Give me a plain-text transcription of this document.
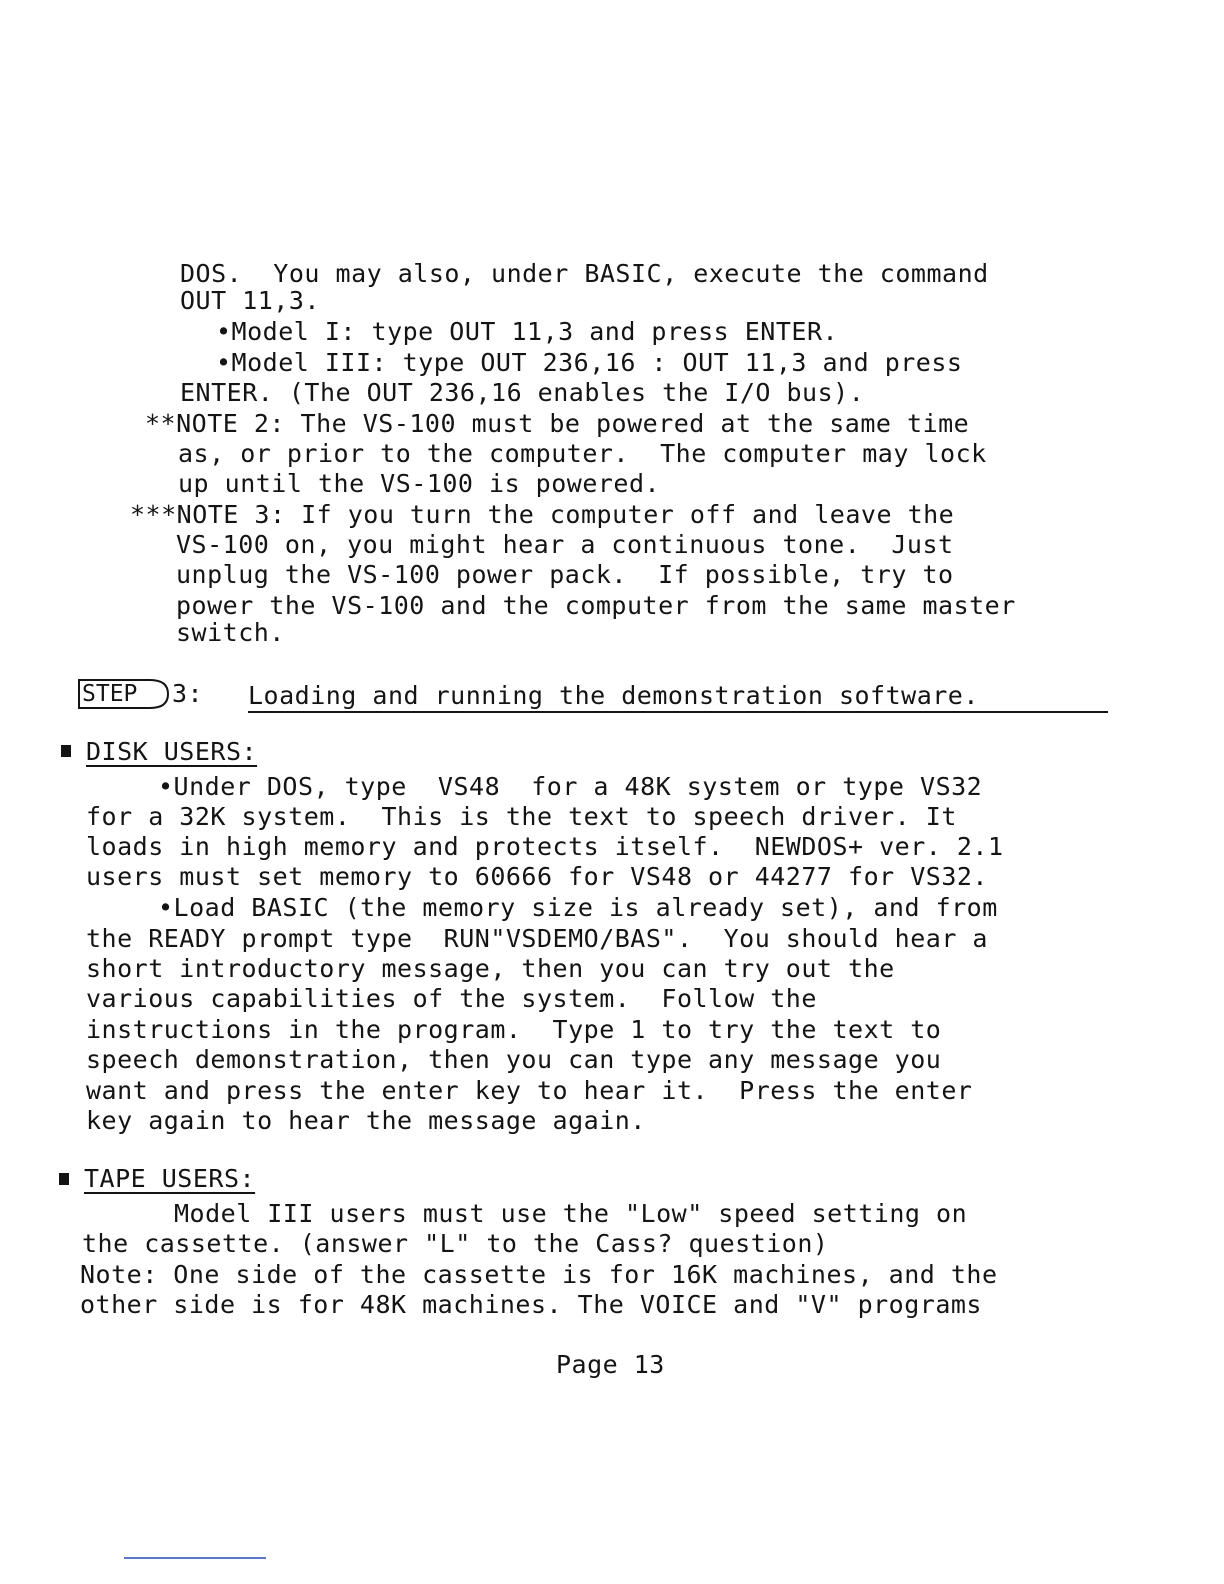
DOS.  You may also, under BASIC, execute the command
OUT 11,3.
•Model I: type OUT 11,3 and press ENTER.
•Model III: type OUT 236,16 : OUT 11,3 and press
ENTER. (The OUT 236,16 enables the I/O bus).
**NOTE 2: The VS-100 must be powered at the same time
as, or prior to the computer.  The computer may lock
up until the VS-100 is powered.
***NOTE 3: If you turn the computer off and leave the
VS-100 on, you might hear a continuous tone.  Just
unplug the VS-100 power pack.  If possible, try to
power the VS-100 and the computer from the same master
switch.
STEP 3: Loading and running the demonstration software.
DISK USERS:
•Under DOS, type  VS48  for a 48K system or type VS32
for a 32K system.  This is the text to speech driver. It
loads in high memory and protects itself.  NEWDOS+ ver. 2.1
users must set memory to 60666 for VS48 or 44277 for VS32.
•Load BASIC (the memory size is already set), and from
the READY prompt type  RUN"VSDEMO/BAS".  You should hear a
short introductory message, then you can try out the
various capabilities of the system.  Follow the
instructions in the program.  Type 1 to try the text to
speech demonstration, then you can type any message you
want and press the enter key to hear it.  Press the enter
key again to hear the message again.
TAPE USERS:
Model III users must use the "Low" speed setting on
the cassette. (answer "L" to the Cass? question)
Note: One side of the cassette is for 16K machines, and the
other side is for 48K machines. The VOICE and "V" programs
Page 13
